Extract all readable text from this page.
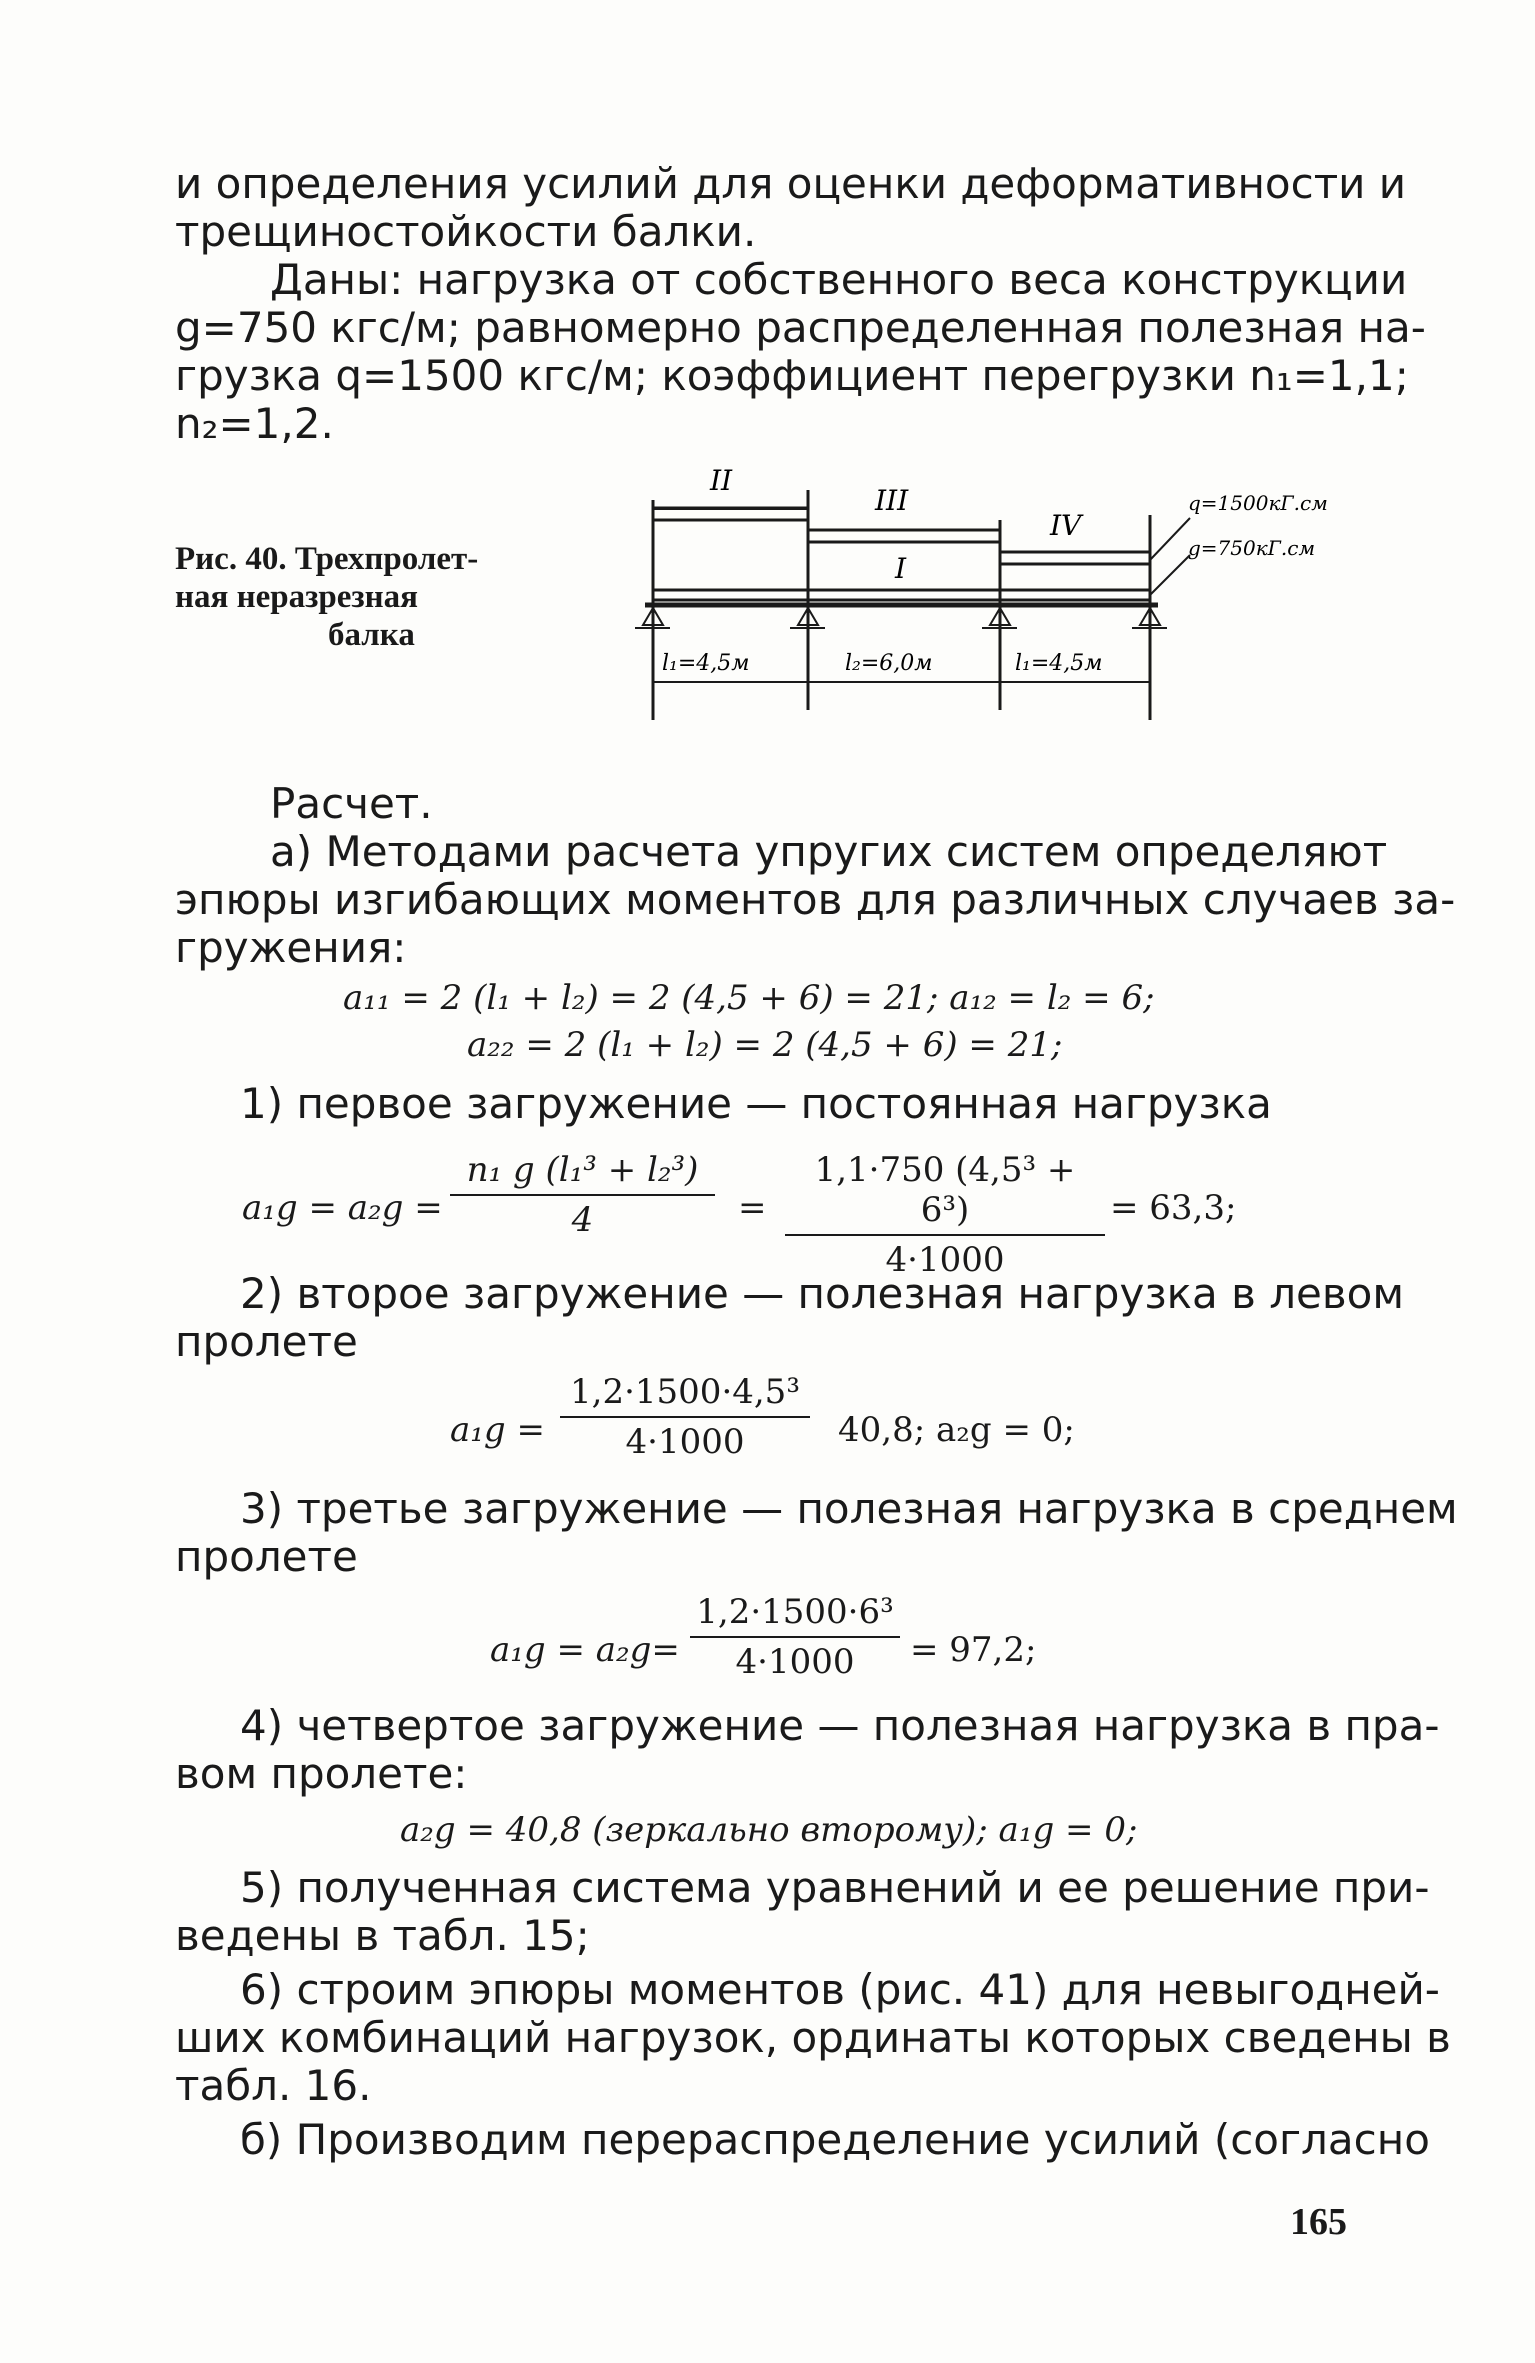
и определения усилий для оценки деформативности и
трещиностойкости балки.
Даны: нагрузка от собственного веса конструкции
g=750 кгс/м; равномерно распределенная полезная на-
грузка q=1500 кгс/м; коэффициент перегрузки n₁=1,1;
n₂=1,2.
Рис. 40. Трехпролет-
ная неразрезная
балка
II
III
IV
I
q=1500кГ.см
g=750кГ.см
l₁=4,5м	l₂=6,0м	l₁=4,5м
Расчет.
а) Методами расчета упругих систем определяют
эпюры изгибающих моментов для различных случаев за-
гружения:
a₁₁ = 2 (l₁ + l₂) = 2 (4,5 + 6) = 21; a₁₂ = l₂ = 6;
a₂₂ = 2 (l₁ + l₂) = 2 (4,5 + 6) = 21;
1) первое загружение — постоянная нагрузка
a₁g = a₂g =
n₁ g (l₁³ + l₂³)
4	=
1,1·750 (4,5³ + 6³)
4·1000
= 63,3;
2) второе загружение — полезная нагрузка в левом
пролете
a₁g =
1,2·1500·4,5³
4·1000	40,8; a₂g = 0;
3) третье загружение — полезная нагрузка в среднем
пролете
a₁g = a₂g=
1,2·1500·6³
4·1000	= 97,2;
4) четвертое загружение — полезная нагрузка в пра-
вом пролете:
a₂g = 40,8 (зеркально второму); a₁g = 0;
5) полученная система уравнений и ее решение при-
ведены в табл. 15;
6) строим эпюры моментов (рис. 41) для невыгодней-
ших комбинаций нагрузок, ординаты которых сведены в
табл. 16.
б) Производим перераспределение усилий (согласно
165
